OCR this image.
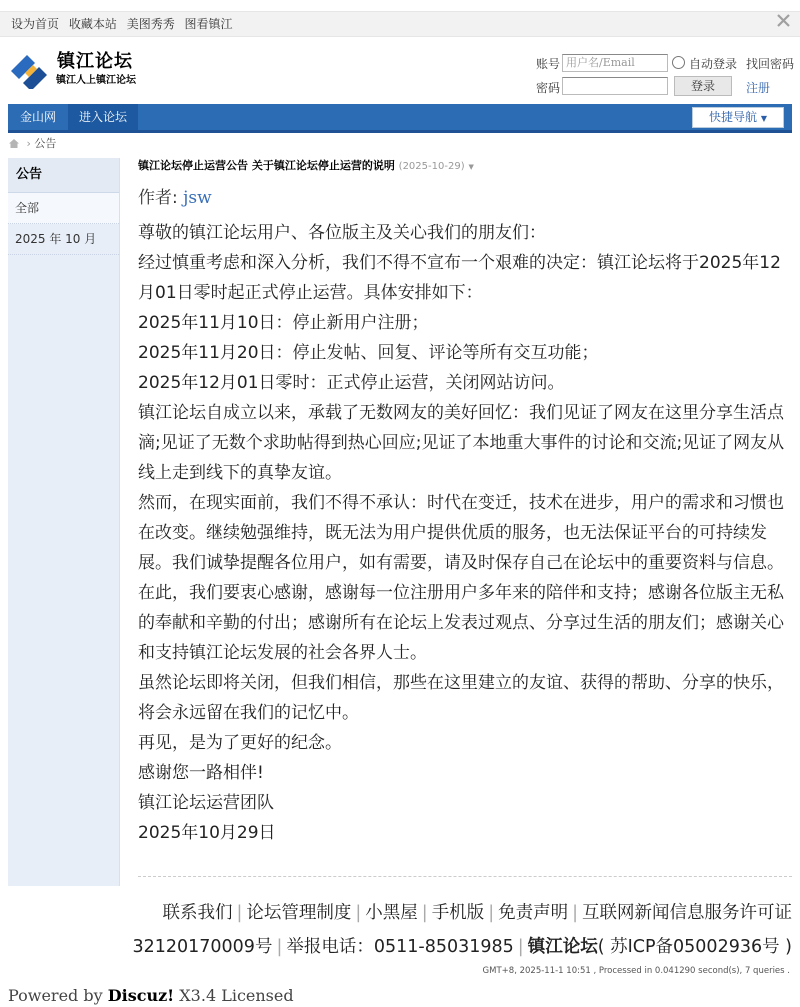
设为首页 收藏本站 美图秀秀 图看镇江
镇江论坛
镇江人上镇江论坛
账号 用户名/Email	自动登录 找回密码
密码	登录	注册
金山网	进入论坛	快捷导航 ▼
› 公告
公告
全部
2025 年 10 月
镇江论坛停止运营公告 关于镇江论坛停止运营的说明 (2025-10-29) ▼
作者: jsw

尊敬的镇江论坛用户、各位版主及关心我们的朋友们：

经过慎重考虑和深入分析，我们不得不宣布一个艰难的决定：镇江论坛将于2025年12月01日零时起正式停止运营。具体安排如下：

2025年11月10日：停止新用户注册；

2025年11月20日：停止发帖、回复、评论等所有交互功能；

2025年12月01日零时：正式停止运营，关闭网站访问。

镇江论坛自成立以来，承载了无数网友的美好回忆：我们见证了网友在这里分享生活点滴;见证了无数个求助帖得到热心回应;见证了本地重大事件的讨论和交流;见证了网友从线上走到线下的真挚友谊。

然而，在现实面前，我们不得不承认：时代在变迁，技术在进步，用户的需求和习惯也在改变。继续勉强维持，既无法为用户提供优质的服务，也无法保证平台的可持续发展。我们诚挚提醒各位用户，如有需要，请及时保存自己在论坛中的重要资料与信息。

在此，我们要衷心感谢，感谢每一位注册用户多年来的陪伴和支持；感谢各位版主无私的奉献和辛勤的付出；感谢所有在论坛上发表过观点、分享过生活的朋友们；感谢关心和支持镇江论坛发展的社会各界人士。

虽然论坛即将关闭，但我们相信，那些在这里建立的友谊、获得的帮助、分享的快乐，将会永远留在我们的记忆中。

再见，是为了更好的纪念。

感谢您一路相伴!

镇江论坛运营团队

2025年10月29日

联系我们 | 论坛管理制度 | 小黑屋 | 手机版 | 免责声明 | 互联网新闻信息服务许可证
32120170009号 | 举报电话：0511-85031985 | 镇江论坛( 苏ICP备05002936号 )
GMT+8, 2025-11-1 10:51 , Processed in 0.041290 second(s), 7 queries .
Powered by Discuz! X3.4 Licensed
